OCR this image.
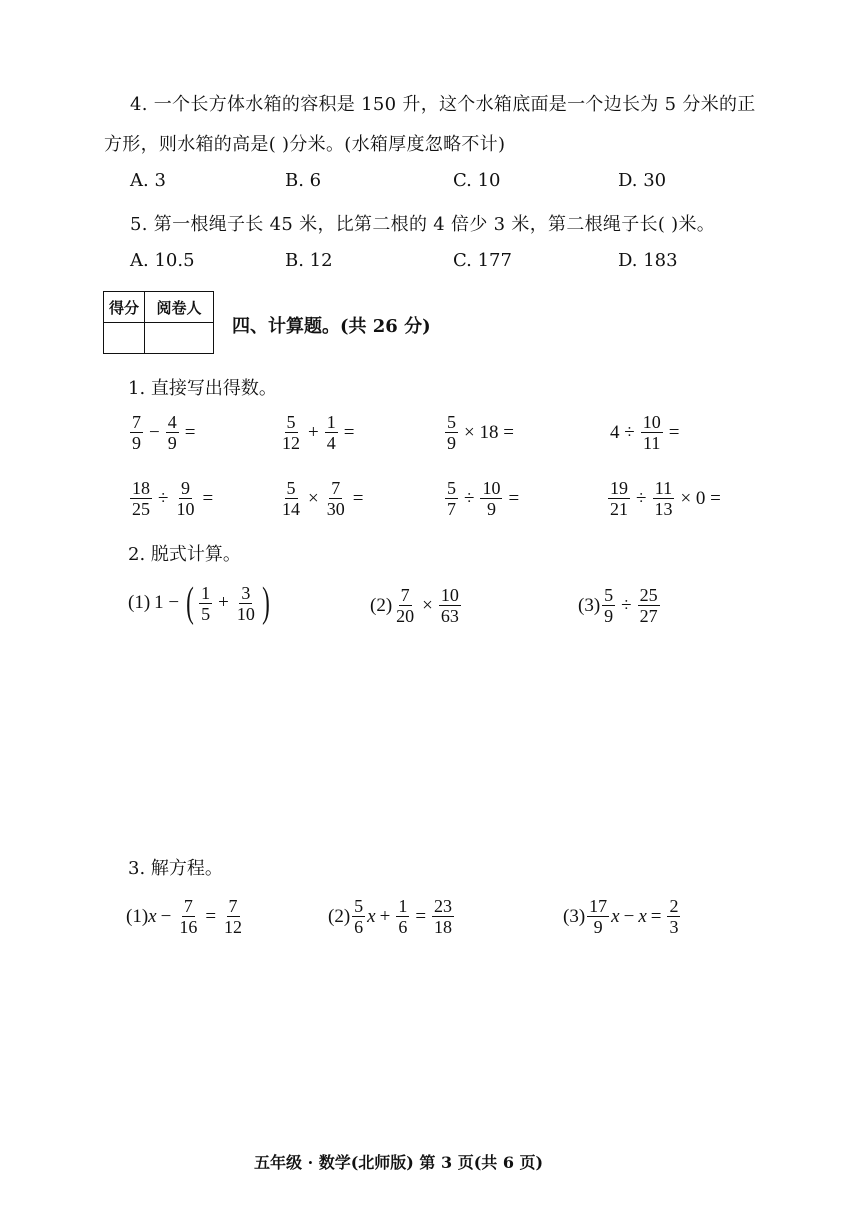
4. 一个长方体水箱的容积是 150 升，这个水箱底面是一个边长为 5 分米的正
方形，则水箱的高是( )分米。(水箱厚度忽略不计)
A. 3	B. 6	C. 10	D. 30
5. 第一根绳子长 45 米，比第二根的 4 倍少 3 米，第二根绳子长( )米。
A. 10.5	B. 12	C. 177	D. 183
得分	阅卷人

四、计算题。(共 26 分)
1. 直接写出得数。
$\frac{7}{9} - \frac{4}{9}$ =	$\frac{5}{12} + \frac{1}{4}$ =	$\frac{5}{9} \times 18$ =	$4 \div \frac{10}{11}$ =
$\frac{18}{25} \div \frac{9}{10}$ =	$\frac{5}{14} \times \frac{7}{30}$ =	$\frac{5}{7} \div \frac{10}{9}$ =	$\frac{19}{21} \div \frac{11}{13} \times 0$ =
2. 脱式计算。
(1) 1 − ( $\frac{1}{5} + \frac{3}{10}$ )	$(2) \frac{7}{20} \times \frac{10}{63}$	$(3) \frac{5}{9} \div \frac{25}{27}$
3. 解方程。
(1) $x - \frac{7}{16} = \frac{7}{12}$	$(2) \frac{5}{6}$ $x + \frac{1}{6} = \frac{23}{18}$	$(3) \frac{17}{9}$ $x - x = \frac{2}{3}$
五年级 · 数学(北师版) 第 3 页(共 6 页)
